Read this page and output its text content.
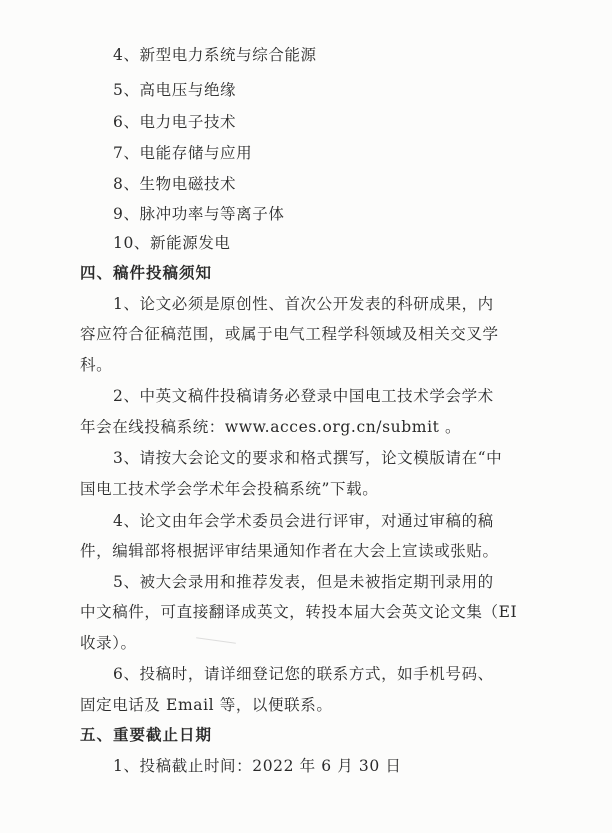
4、新型电力系统与综合能源
5、高电压与绝缘
6、电力电子技术
7、电能存储与应用
8、生物电磁技术
9、脉冲功率与等离子体
10、新能源发电
四、稿件投稿须知
1、论文必须是原创性、首次公开发表的科研成果，内
容应符合征稿范围，或属于电气工程学科领域及相关交叉学
科。
2、中英文稿件投稿请务必登录中国电工技术学会学术
年会在线投稿系统：www.acces.org.cn/submit 。
3、请按大会论文的要求和格式撰写，论文模版请在“中
国电工技术学会学术年会投稿系统”下载。
4、论文由年会学术委员会进行评审，对通过审稿的稿
件，编辑部将根据评审结果通知作者在大会上宣读或张贴。
5、被大会录用和推荐发表，但是未被指定期刊录用的
中文稿件，可直接翻译成英文，转投本届大会英文论文集（EI
收录）。
6、投稿时，请详细登记您的联系方式，如手机号码、
固定电话及 Email 等，以便联系。
五、重要截止日期
1、投稿截止时间：2022 年 6 月 30 日
